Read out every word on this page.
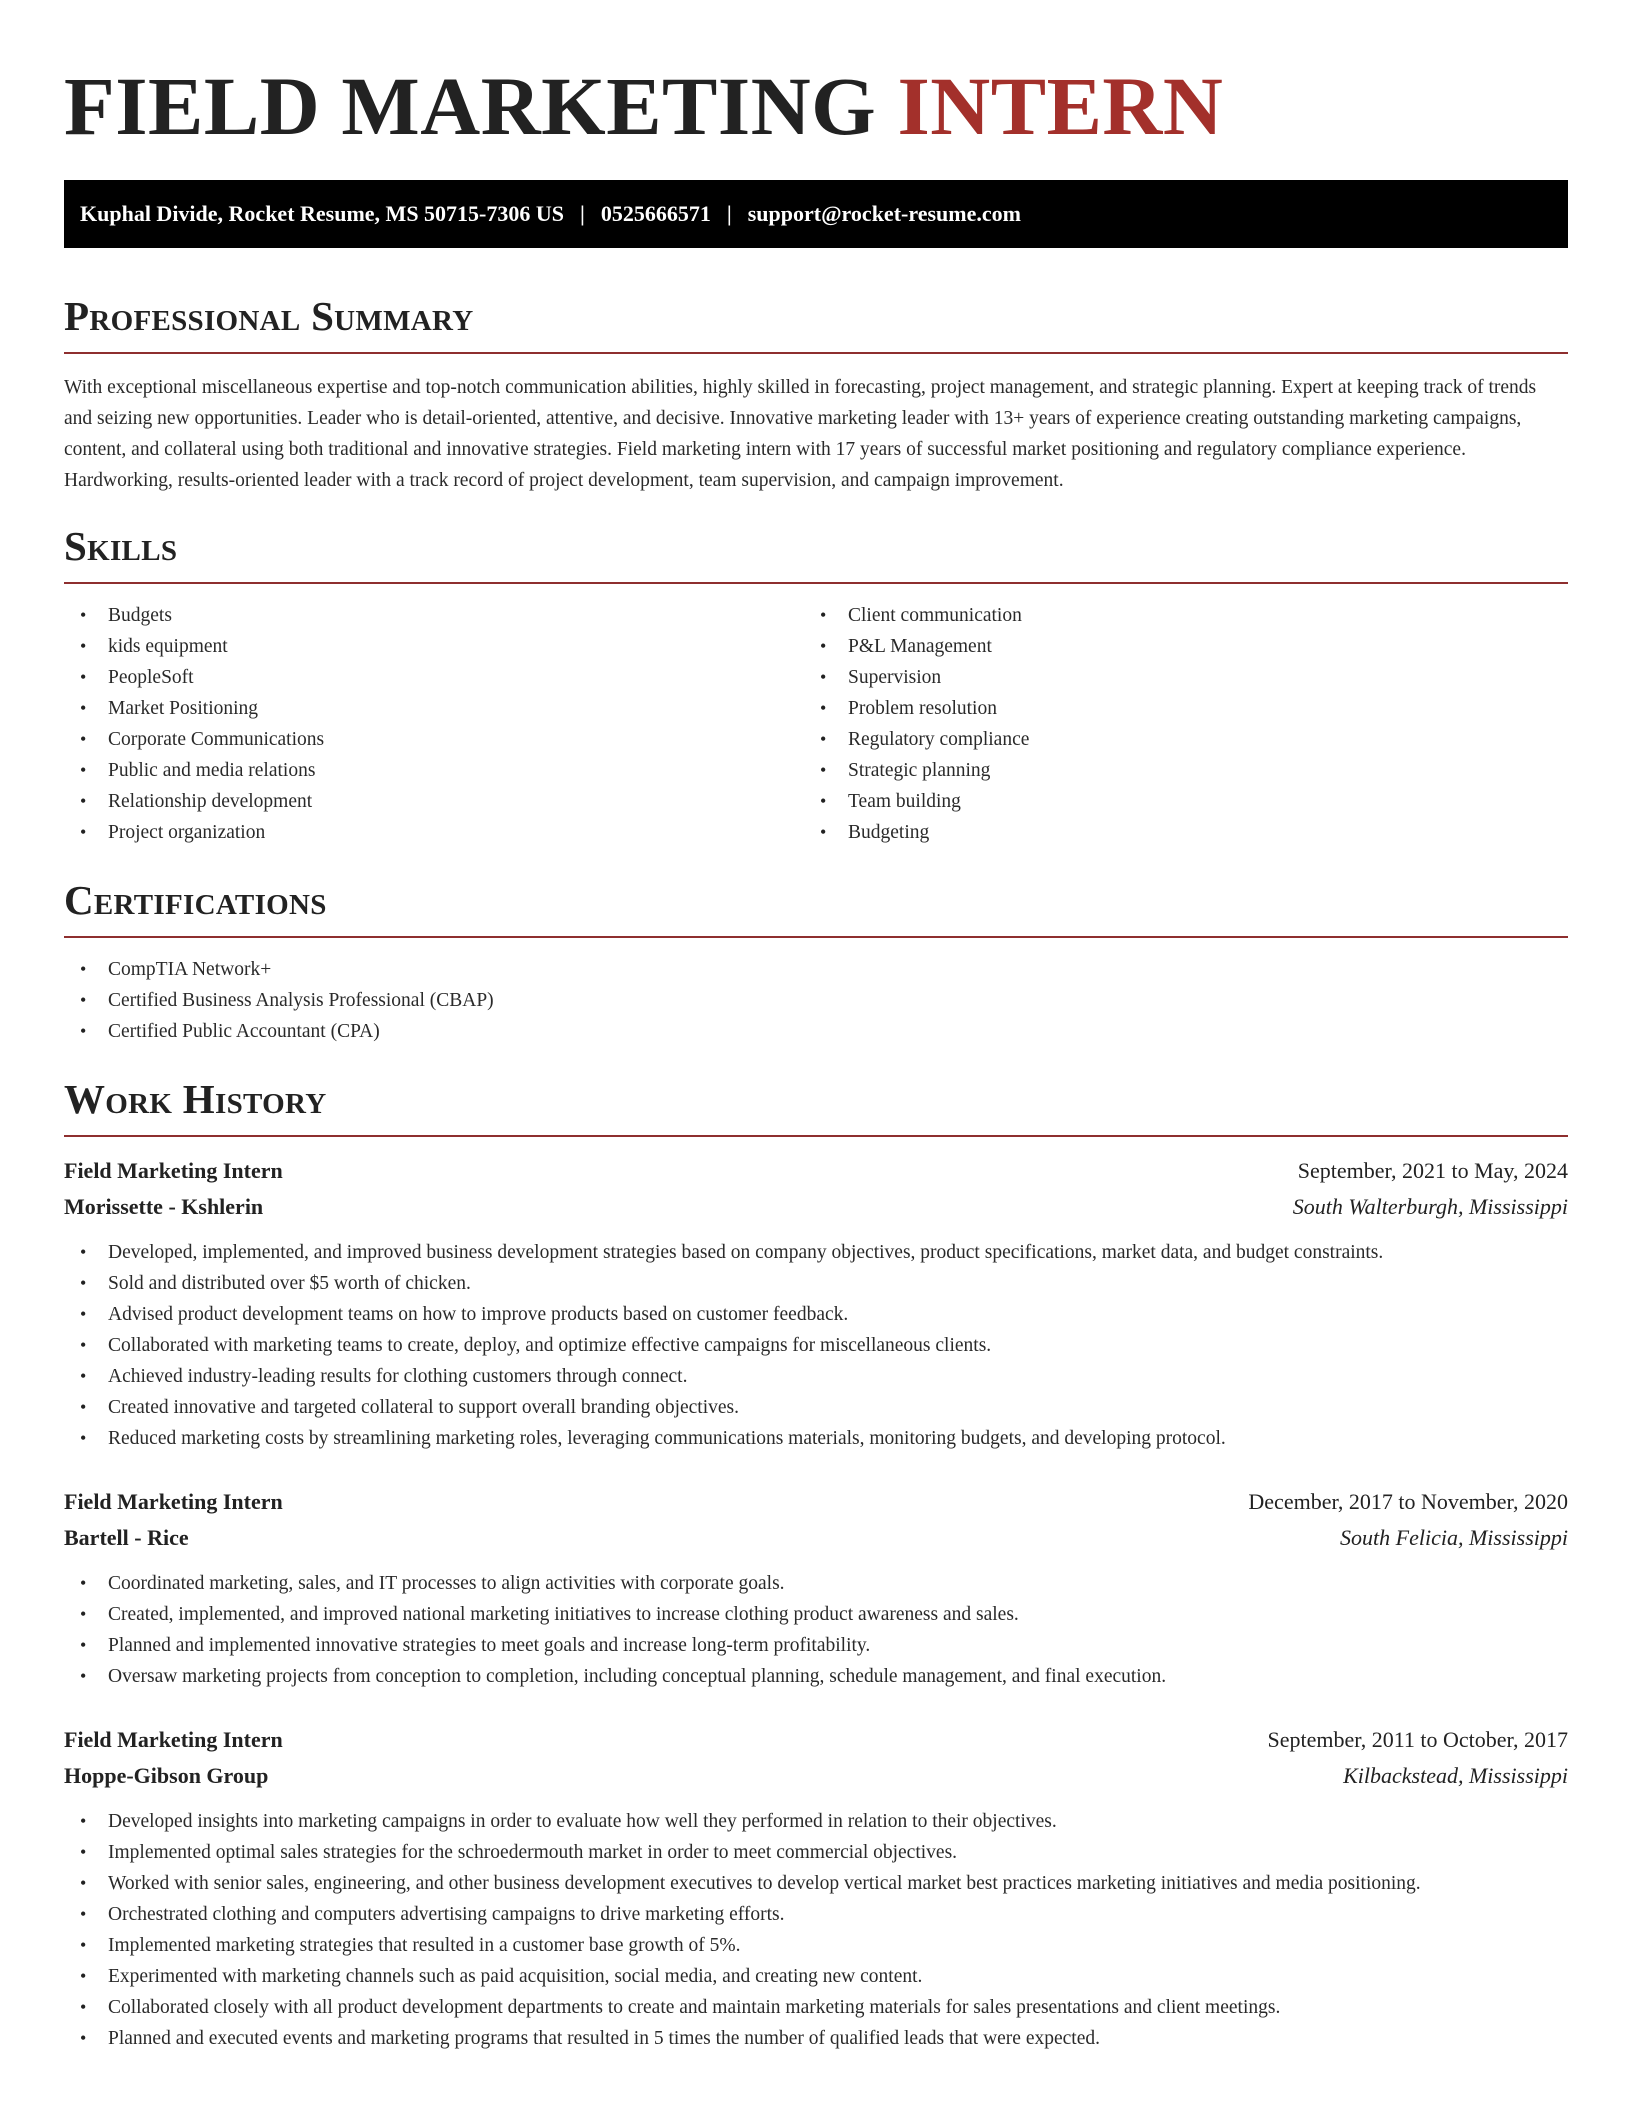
FIELD MARKETING INTERN
Kuphal Divide, Rocket Resume, MS 50715-7306 US | 0525666571 | support@rocket-resume.com
Professional Summary

With exceptional miscellaneous expertise and top-notch communication abilities, highly skilled in forecasting, project management, and strategic planning. Expert at keeping track of trends and seizing new opportunities. Leader who is detail-oriented, attentive, and decisive. Innovative marketing leader with 13+ years of experience creating outstanding marketing campaigns, content, and collateral using both traditional and innovative strategies. Field marketing intern with 17 years of successful market positioning and regulatory compliance experience. Hardworking, results-oriented leader with a track record of project development, team supervision, and campaign improvement.

Skills
• Budgets
• kids equipment
• PeopleSoft
• Market Positioning
• Corporate Communications
• Public and media relations
• Relationship development
• Project organization
• Client communication
• P&L Management
• Supervision
• Problem resolution
• Regulatory compliance
• Strategic planning
• Team building
• Budgeting
Certifications
• CompTIA Network+
• Certified Business Analysis Professional (CBAP)
• Certified Public Accountant (CPA)
Work History
Field Marketing Intern	September, 2021 to May, 2024
Morissette - Kshlerin	South Walterburgh, Mississippi
• Developed, implemented, and improved business development strategies based on company objectives, product specifications, market data, and budget constraints.
• Sold and distributed over $5 worth of chicken.
• Advised product development teams on how to improve products based on customer feedback.
• Collaborated with marketing teams to create, deploy, and optimize effective campaigns for miscellaneous clients.
• Achieved industry-leading results for clothing customers through connect.
• Created innovative and targeted collateral to support overall branding objectives.
• Reduced marketing costs by streamlining marketing roles, leveraging communications materials, monitoring budgets, and developing protocol.
Field Marketing Intern	December, 2017 to November, 2020
Bartell - Rice	South Felicia, Mississippi
• Coordinated marketing, sales, and IT processes to align activities with corporate goals.
• Created, implemented, and improved national marketing initiatives to increase clothing product awareness and sales.
• Planned and implemented innovative strategies to meet goals and increase long-term profitability.
• Oversaw marketing projects from conception to completion, including conceptual planning, schedule management, and final execution.
Field Marketing Intern	September, 2011 to October, 2017
Hoppe-Gibson Group	Kilbackstead, Mississippi
• Developed insights into marketing campaigns in order to evaluate how well they performed in relation to their objectives.
• Implemented optimal sales strategies for the schroedermouth market in order to meet commercial objectives.
• Worked with senior sales, engineering, and other business development executives to develop vertical market best practices marketing initiatives and media positioning.
• Orchestrated clothing and computers advertising campaigns to drive marketing efforts.
• Implemented marketing strategies that resulted in a customer base growth of 5%.
• Experimented with marketing channels such as paid acquisition, social media, and creating new content.
• Collaborated closely with all product development departments to create and maintain marketing materials for sales presentations and client meetings.
• Planned and executed events and marketing programs that resulted in 5 times the number of qualified leads that were expected.
